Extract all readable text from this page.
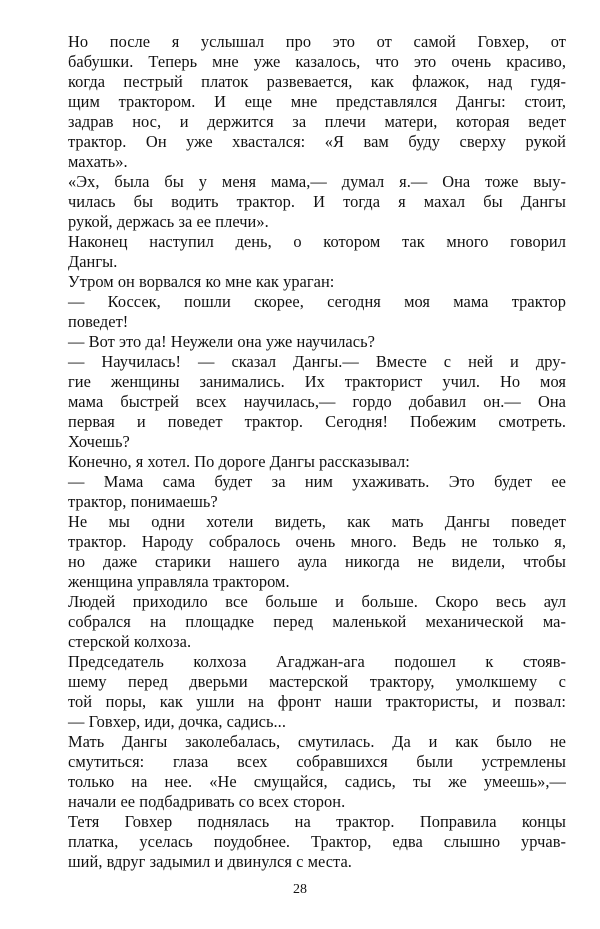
Но после я услышал про это от самой Говхер, от
бабушки. Теперь мне уже казалось, что это очень красиво,
когда пестрый платок развевается, как флажок, над гудя-
щим трактором. И еще мне представлялся Дангы: стоит,
задрав нос, и держится за плечи матери, которая ведет
трактор. Он уже хвастался: «Я вам буду сверху рукой
махать».
«Эх, была бы у меня мама,— думал я.— Она тоже выу-
чилась бы водить трактор. И тогда я махал бы Дангы
рукой, держась за ее плечи».
Наконец наступил день, о котором так много говорил
Дангы.
Утром он ворвался ко мне как ураган:
— Коссек, пошли скорее, сегодня моя мама трактор
поведет!
— Вот это да! Неужели она уже научилась?
— Научилась! — сказал Дангы.— Вместе с ней и дру-
гие женщины занимались. Их тракторист учил. Но моя
мама быстрей всех научилась,— гордо добавил он.— Она
первая и поведет трактор. Сегодня! Побежим смотреть.
Хочешь?
Конечно, я хотел. По дороге Дангы рассказывал:
— Мама сама будет за ним ухаживать. Это будет ее
трактор, понимаешь?
Не мы одни хотели видеть, как мать Дангы поведет
трактор. Народу собралось очень много. Ведь не только я,
но даже старики нашего аула никогда не видели, чтобы
женщина управляла трактором.
Людей приходило все больше и больше. Скоро весь аул
собрался на площадке перед маленькой механической ма-
стерской колхоза.
Председатель колхоза Агаджан-ага подошел к стояв-
шему перед дверьми мастерской трактору, умолкшему с
той поры, как ушли на фронт наши трактористы, и позвал:
— Говхер, иди, дочка, садись...
Мать Дангы заколебалась, смутилась. Да и как было не
смутиться: глаза всех собравшихся были устремлены
только на нее. «Не смущайся, садись, ты же умеешь»,—
начали ее подбадривать со всех сторон.
Тетя Говхер поднялась на трактор. Поправила концы
платка, уселась поудобнее. Трактор, едва слышно урчав-
ший, вдруг задымил и двинулся с места.
28
